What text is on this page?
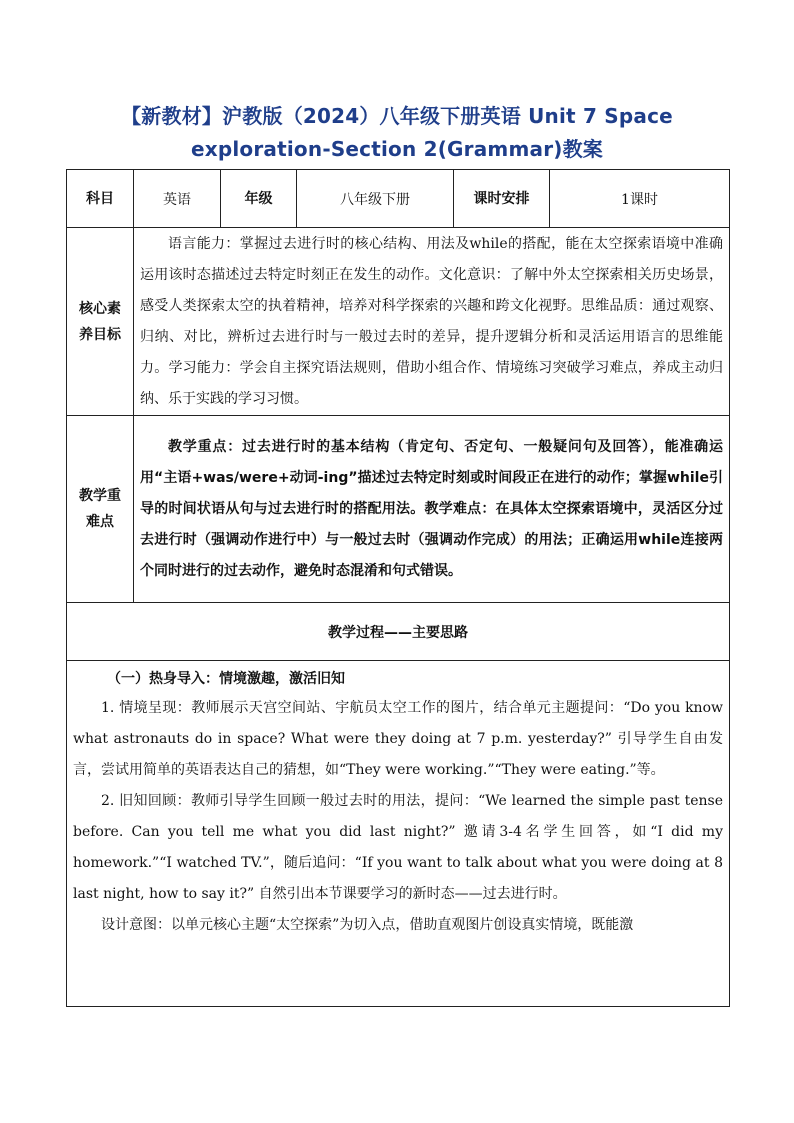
【新教材】沪教版（2024）八年级下册英语 Unit 7 Space
exploration-Section 2(Grammar)教案
科目	英语	年级	八年级下册	课时安排	1课时
核心素养目标	语言能力：掌握过去进行时的核心结构、用法及while的搭配，能在太空探索语境中准确运用该时态描述过去特定时刻正在发生的动作。文化意识：了解中外太空探索相关历史场景，感受人类探索太空的执着精神，培养对科学探索的兴趣和跨文化视野。思维品质：通过观察、归纳、对比，辨析过去进行时与一般过去时的差异，提升逻辑分析和灵活运用语言的思维能力。学习能力：学会自主探究语法规则，借助小组合作、情境练习突破学习难点，养成主动归纳、乐于实践的学习习惯。				

教学重难点	教学重点：过去进行时的基本结构（肯定句、否定句、一般疑问句及回答），能准确运用“主语+was/were+动词-ing”描述过去特定时刻或时间段正在进行的动作；掌握while引导的时间状语从句与过去进行时的搭配用法。教学难点：在具体太空探索语境中，灵活区分过去进行时（强调动作进行中）与一般过去时（强调动作完成）的用法；正确运用while连接两个同时进行的过去动作，避免时态混淆和句式错误。				

教学过程——主要思路					

（一）热身导入：情境激趣，激活旧知

1. 情境呈现：教师展示天宫空间站、宇航员太空工作的图片，结合单元主题提问：“Do you know what astronauts do in space? What were they doing at 7 p.m. yesterday?” 引导学生自由发言，尝试用简单的英语表达自己的猜想，如“They were working.”“They were eating.”等。

2. 旧知回顾：教师引导学生回顾一般过去时的用法，提问：“We learned the simple past tense before. Can you tell me what you did last night?” 邀请3-4名学生回答，如“I did my homework.”“I watched TV.”，随后追问：“If you want to talk about what you were doing at 8 last night, how to say it?” 自然引出本节课要学习的新时态——过去进行时。

设计意图：以单元核心主题“太空探索”为切入点，借助直观图片创设真实情境，既能激					
